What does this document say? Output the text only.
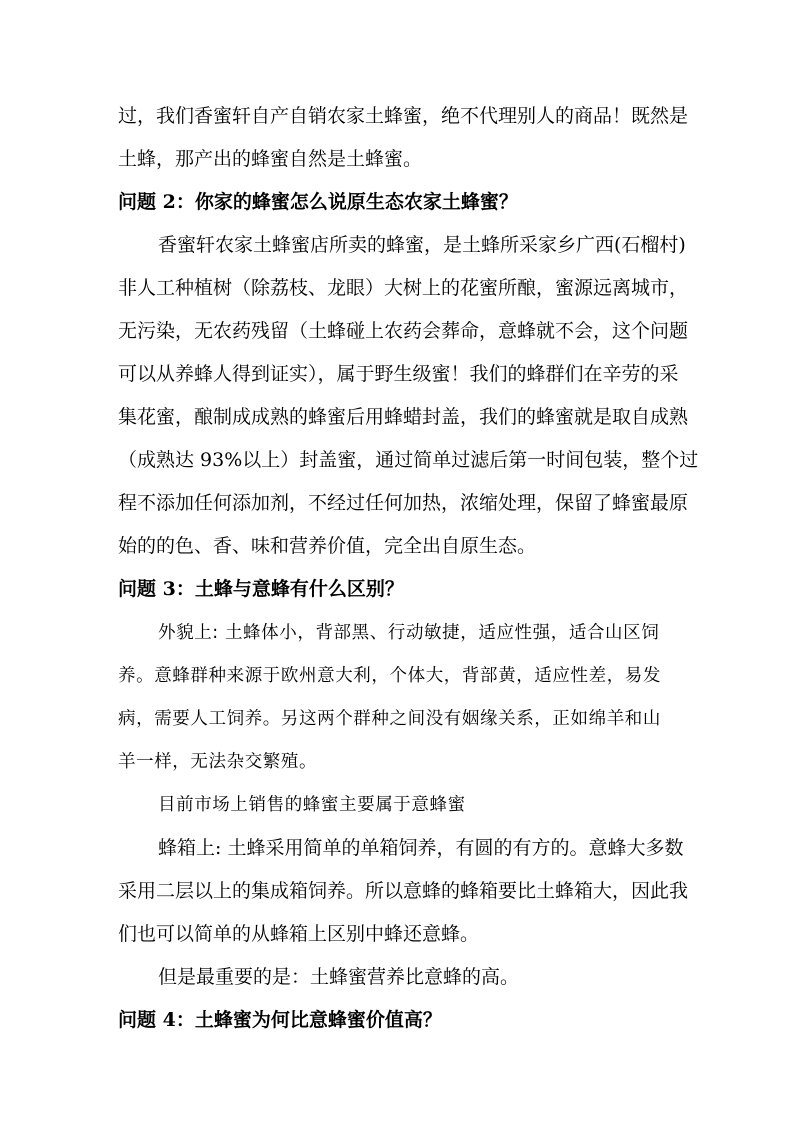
过，我们香蜜轩自产自销农家土蜂蜜，绝不代理别人的商品！既然是
土蜂，那产出的蜂蜜自然是土蜂蜜。
问题 2：你家的蜂蜜怎么说原生态农家土蜂蜜？
香蜜轩农家土蜂蜜店所卖的蜂蜜，是土蜂所采家乡广西(石榴村)
非人工种植树（除荔枝、龙眼）大树上的花蜜所酿，蜜源远离城市，
无污染，无农药残留（土蜂碰上农药会葬命，意蜂就不会，这个问题
可以从养蜂人得到证实），属于野生级蜜！我们的蜂群们在辛劳的采
集花蜜，酿制成成熟的蜂蜜后用蜂蜡封盖，我们的蜂蜜就是取自成熟
（成熟达 93%以上）封盖蜜，通过简单过滤后第一时间包装，整个过
程不添加任何添加剂，不经过任何加热，浓缩处理，保留了蜂蜜最原
始的的色、香、味和营养价值，完全出自原生态。
问题 3：土蜂与意蜂有什么区别？
外貌上: 土蜂体小，背部黑、行动敏捷，适应性强，适合山区饲
养。意蜂群种来源于欧州意大利，个体大，背部黄，适应性差，易发
病，需要人工饲养。另这两个群种之间没有姻缘关系，正如绵羊和山
羊一样，无法杂交繁殖。
目前市场上销售的蜂蜜主要属于意蜂蜜
蜂箱上: 土蜂采用简单的单箱饲养，有圆的有方的。意蜂大多数
采用二层以上的集成箱饲养。所以意蜂的蜂箱要比土蜂箱大，因此我
们也可以简单的从蜂箱上区别中蜂还意蜂。
但是最重要的是：土蜂蜜营养比意蜂的高。
问题 4：土蜂蜜为何比意蜂蜜价值高？
